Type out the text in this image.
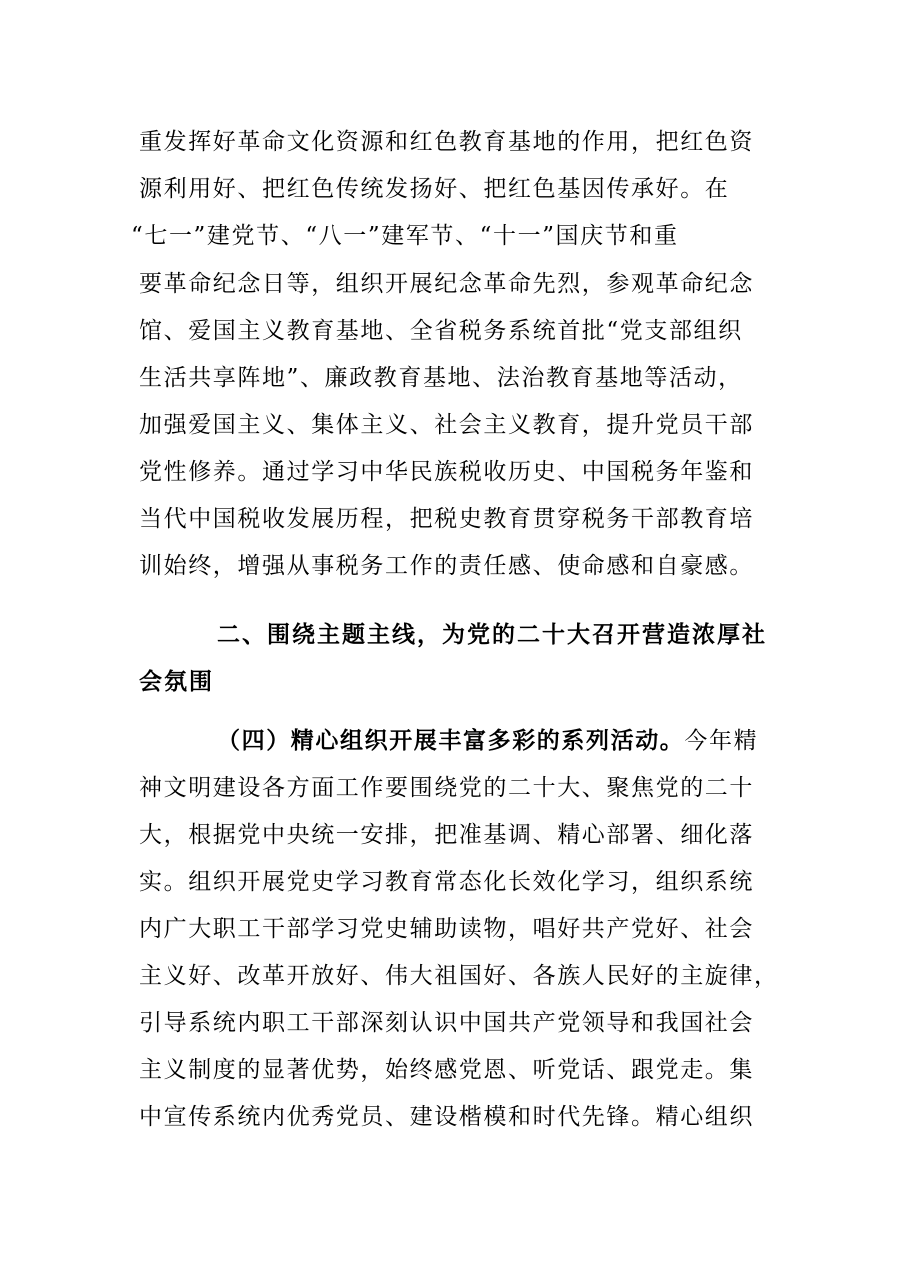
重发挥好革命文化资源和红色教育基地的作用，把红色资
源利用好、把红色传统发扬好、把红色基因传承好。在
“七一”建党节、“八一”建军节、“十一”国庆节和重
要革命纪念日等，组织开展纪念革命先烈，参观革命纪念
馆、爱国主义教育基地、全省税务系统首批“党支部组织
生活共享阵地”、廉政教育基地、法治教育基地等活动，
加强爱国主义、集体主义、社会主义教育，提升党员干部
党性修养。通过学习中华民族税收历史、中国税务年鉴和
当代中国税收发展历程，把税史教育贯穿税务干部教育培
训始终，增强从事税务工作的责任感、使命感和自豪感。
二、围绕主题主线，为党的二十大召开营造浓厚社
会氛围
（四）精心组织开展丰富多彩的系列活动。今年精
神文明建设各方面工作要围绕党的二十大、聚焦党的二十
大，根据党中央统一安排，把准基调、精心部署、细化落
实。组织开展党史学习教育常态化长效化学习，组织系统
内广大职工干部学习党史辅助读物，唱好共产党好、社会
主义好、改革开放好、伟大祖国好、各族人民好的主旋律，
引导系统内职工干部深刻认识中国共产党领导和我国社会
主义制度的显著优势，始终感党恩、听党话、跟党走。集
中宣传系统内优秀党员、建设楷模和时代先锋。精心组织
